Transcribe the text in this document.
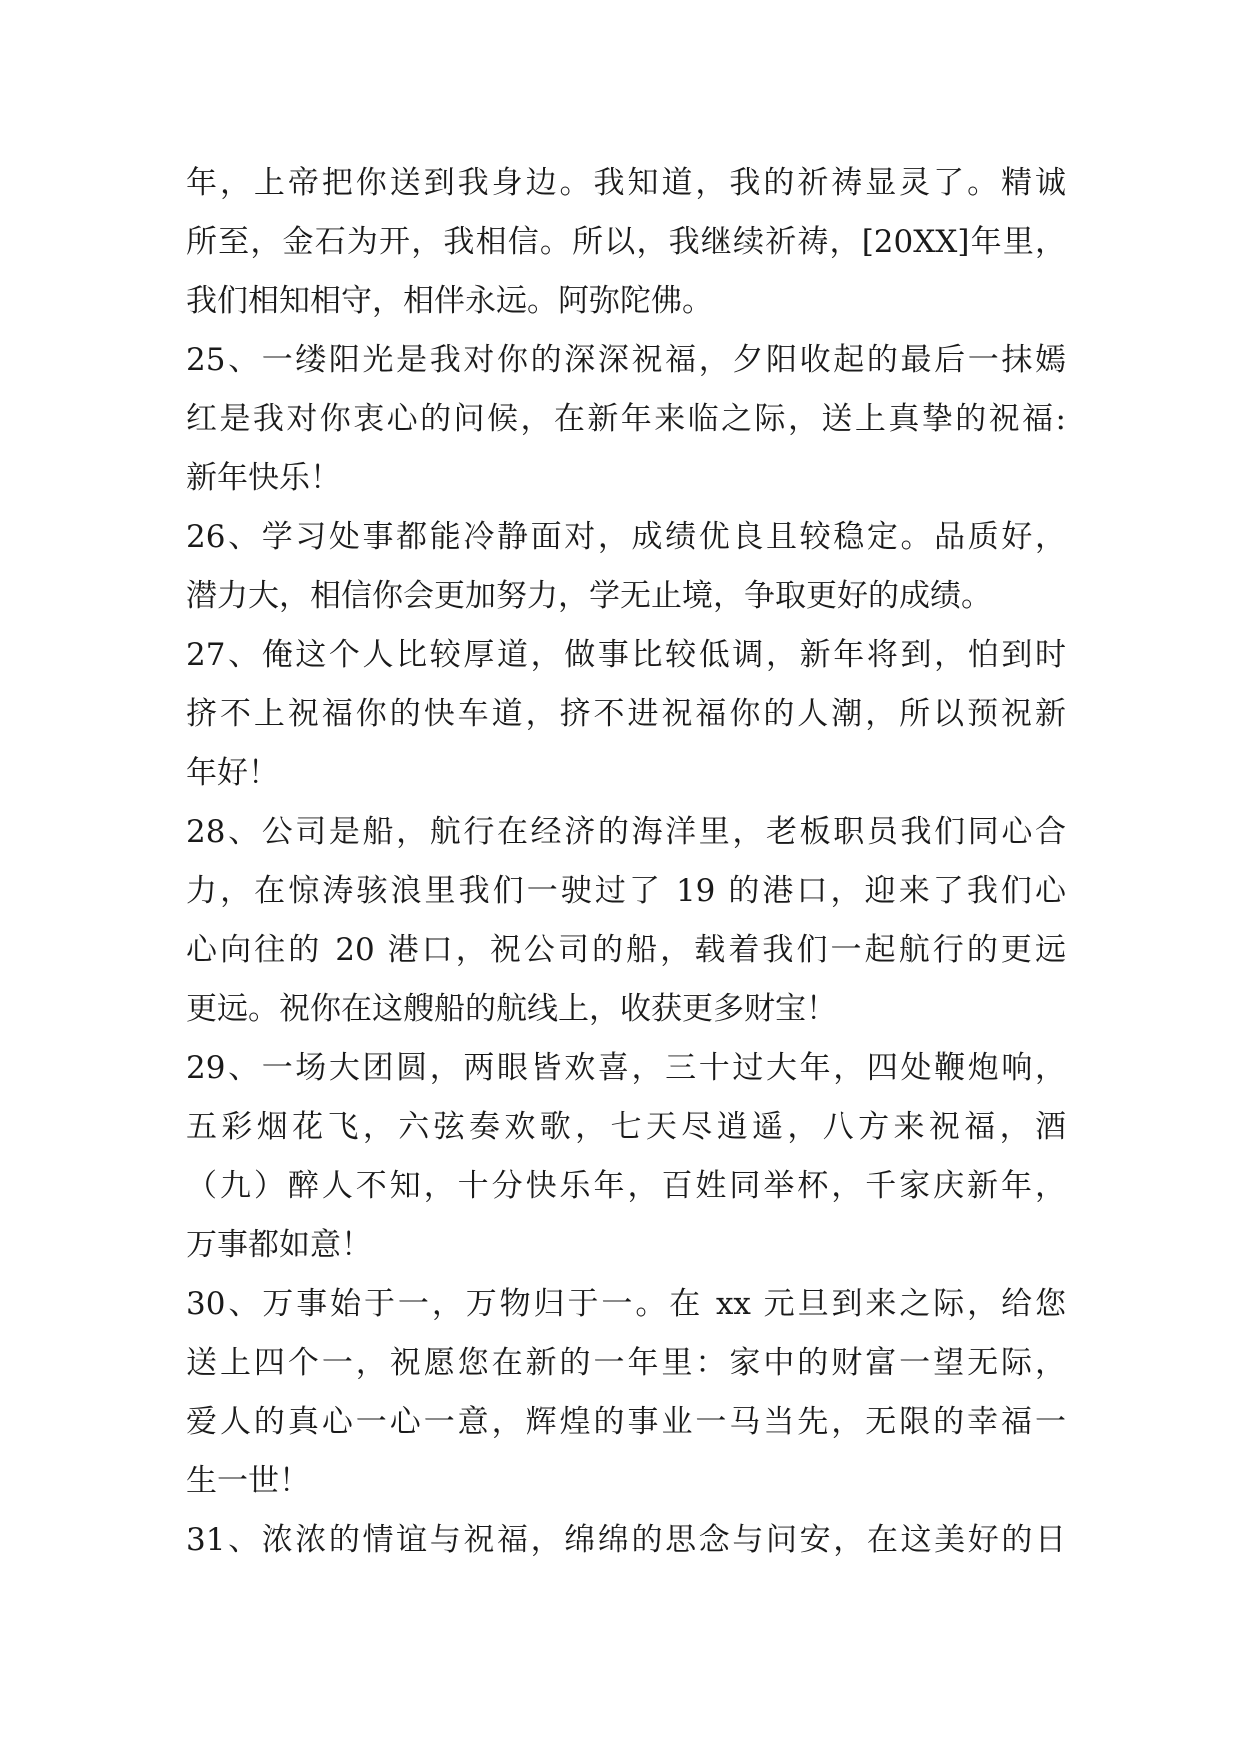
年，上帝把你送到我身边。我知道，我的祈祷显灵了。精诚
所至，金石为开，我相信。所以，我继续祈祷，[20XX]年里，
我们相知相守，相伴永远。阿弥陀佛。
25、一缕阳光是我对你的深深祝福，夕阳收起的最后一抹嫣
红是我对你衷心的问候，在新年来临之际，送上真挚的祝福:
新年快乐！
26、学习处事都能冷静面对，成绩优良且较稳定。品质好，
潜力大，相信你会更加努力，学无止境，争取更好的成绩。
27、俺这个人比较厚道，做事比较低调，新年将到，怕到时
挤不上祝福你的快车道，挤不进祝福你的人潮，所以预祝新
年好！
28、公司是船，航行在经济的海洋里，老板职员我们同心合
力，在惊涛骇浪里我们一驶过了 19 的港口，迎来了我们心
心向往的 20 港口，祝公司的船，载着我们一起航行的更远
更远。祝你在这艘船的航线上，收获更多财宝！
29、一场大团圆，两眼皆欢喜，三十过大年，四处鞭炮响，
五彩烟花飞，六弦奏欢歌，七天尽逍遥，八方来祝福，酒
（九）醉人不知，十分快乐年，百姓同举杯，千家庆新年，
万事都如意！
30、万事始于一，万物归于一。在 xx 元旦到来之际，给您
送上四个一，祝愿您在新的一年里：家中的财富一望无际，
爱人的真心一心一意，辉煌的事业一马当先，无限的幸福一
生一世！
31、浓浓的情谊与祝福，绵绵的思念与问安，在这美好的日
